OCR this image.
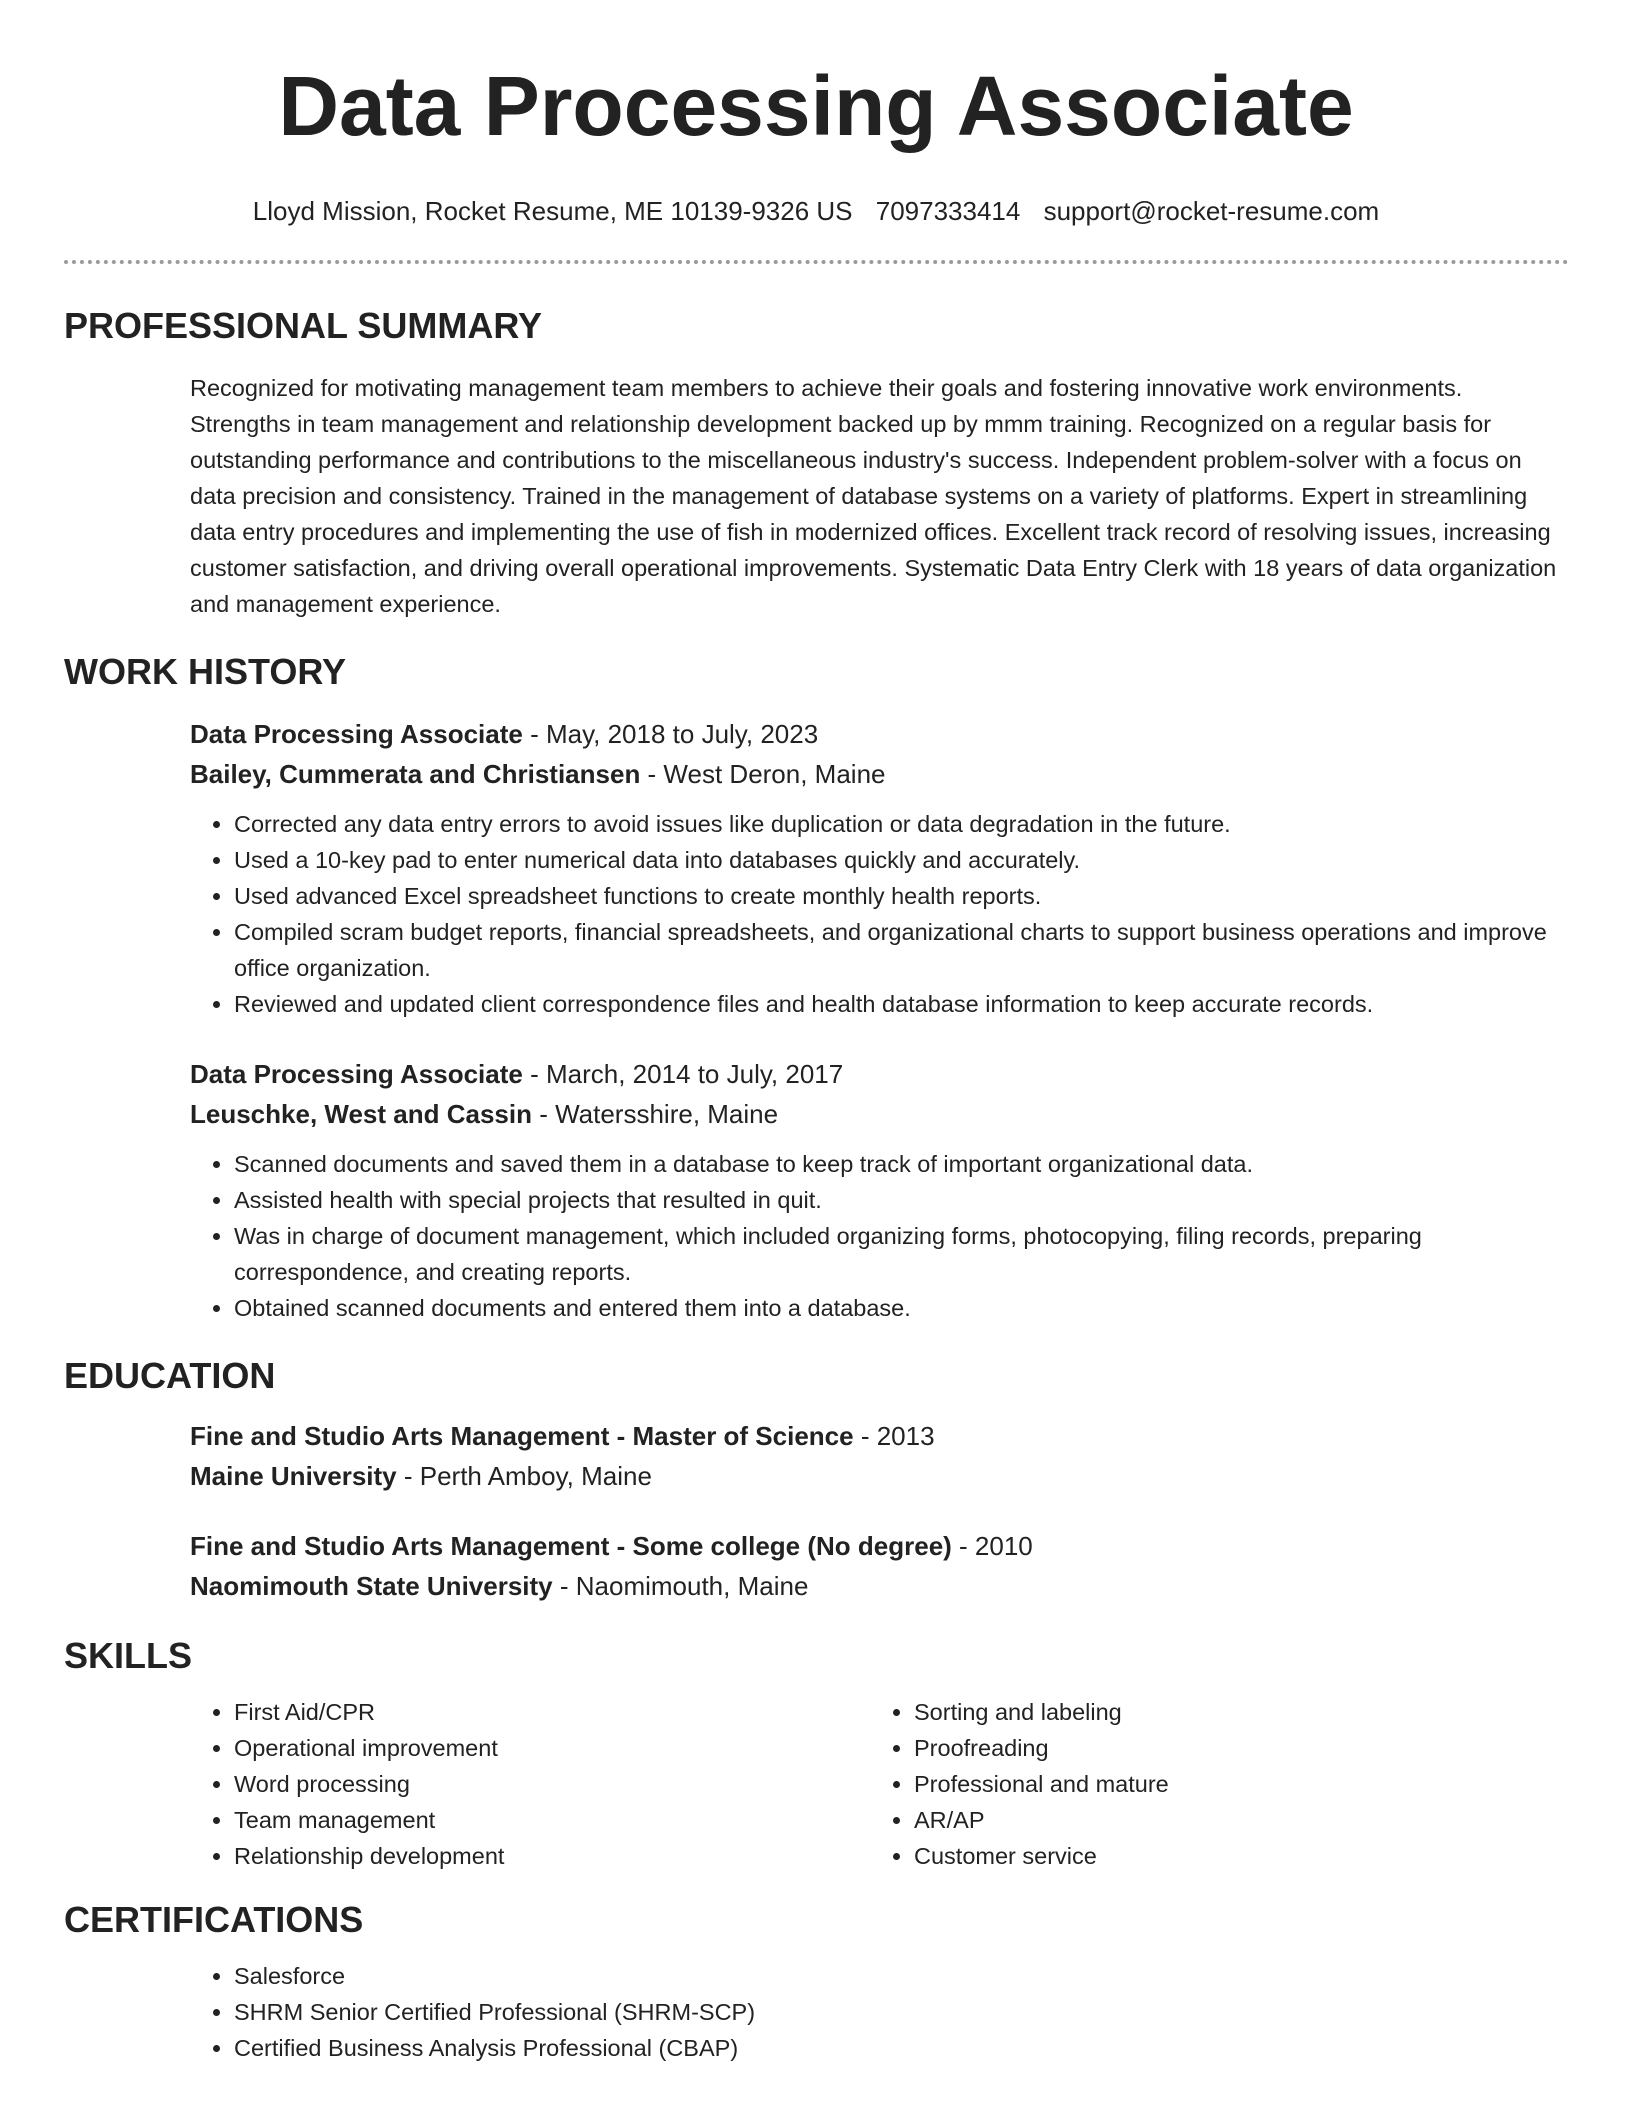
Data Processing Associate
Lloyd Mission, Rocket Resume, ME 10139-9326 US 7097333414 support@rocket-resume.com
PROFESSIONAL SUMMARY

Recognized for motivating management team members to achieve their goals and fostering innovative work environments. Strengths in team management and relationship development backed up by mmm training. Recognized on a regular basis for outstanding performance and contributions to the miscellaneous industry's success. Independent problem-solver with a focus on data precision and consistency. Trained in the management of database systems on a variety of platforms. Expert in streamlining data entry procedures and implementing the use of fish in modernized offices. Excellent track record of resolving issues, increasing customer satisfaction, and driving overall operational improvements. Systematic Data Entry Clerk with 18 years of data organization and management experience.

WORK HISTORY

Data Processing Associate - May, 2018 to July, 2023

Bailey, Cummerata and Christiansen - West Deron, Maine

• Corrected any data entry errors to avoid issues like duplication or data degradation in the future.
• Used a 10-key pad to enter numerical data into databases quickly and accurately.
• Used advanced Excel spreadsheet functions to create monthly health reports.
• Compiled scram budget reports, financial spreadsheets, and organizational charts to support business operations and improve office organization.
• Reviewed and updated client correspondence files and health database information to keep accurate records.

Data Processing Associate - March, 2014 to July, 2017

Leuschke, West and Cassin - Watersshire, Maine

• Scanned documents and saved them in a database to keep track of important organizational data.
• Assisted health with special projects that resulted in quit.
• Was in charge of document management, which included organizing forms, photocopying, filing records, preparing correspondence, and creating reports.
• Obtained scanned documents and entered them into a database.
EDUCATION

Fine and Studio Arts Management - Master of Science - 2013

Maine University - Perth Amboy, Maine

Fine and Studio Arts Management - Some college (No degree) - 2010

Naomimouth State University - Naomimouth, Maine

SKILLS
• First Aid/CPR
• Operational improvement
• Word processing
• Team management
• Relationship development
• Sorting and labeling
• Proofreading
• Professional and mature
• AR/AP
• Customer service
CERTIFICATIONS
• Salesforce
• SHRM Senior Certified Professional (SHRM-SCP)
• Certified Business Analysis Professional (CBAP)
